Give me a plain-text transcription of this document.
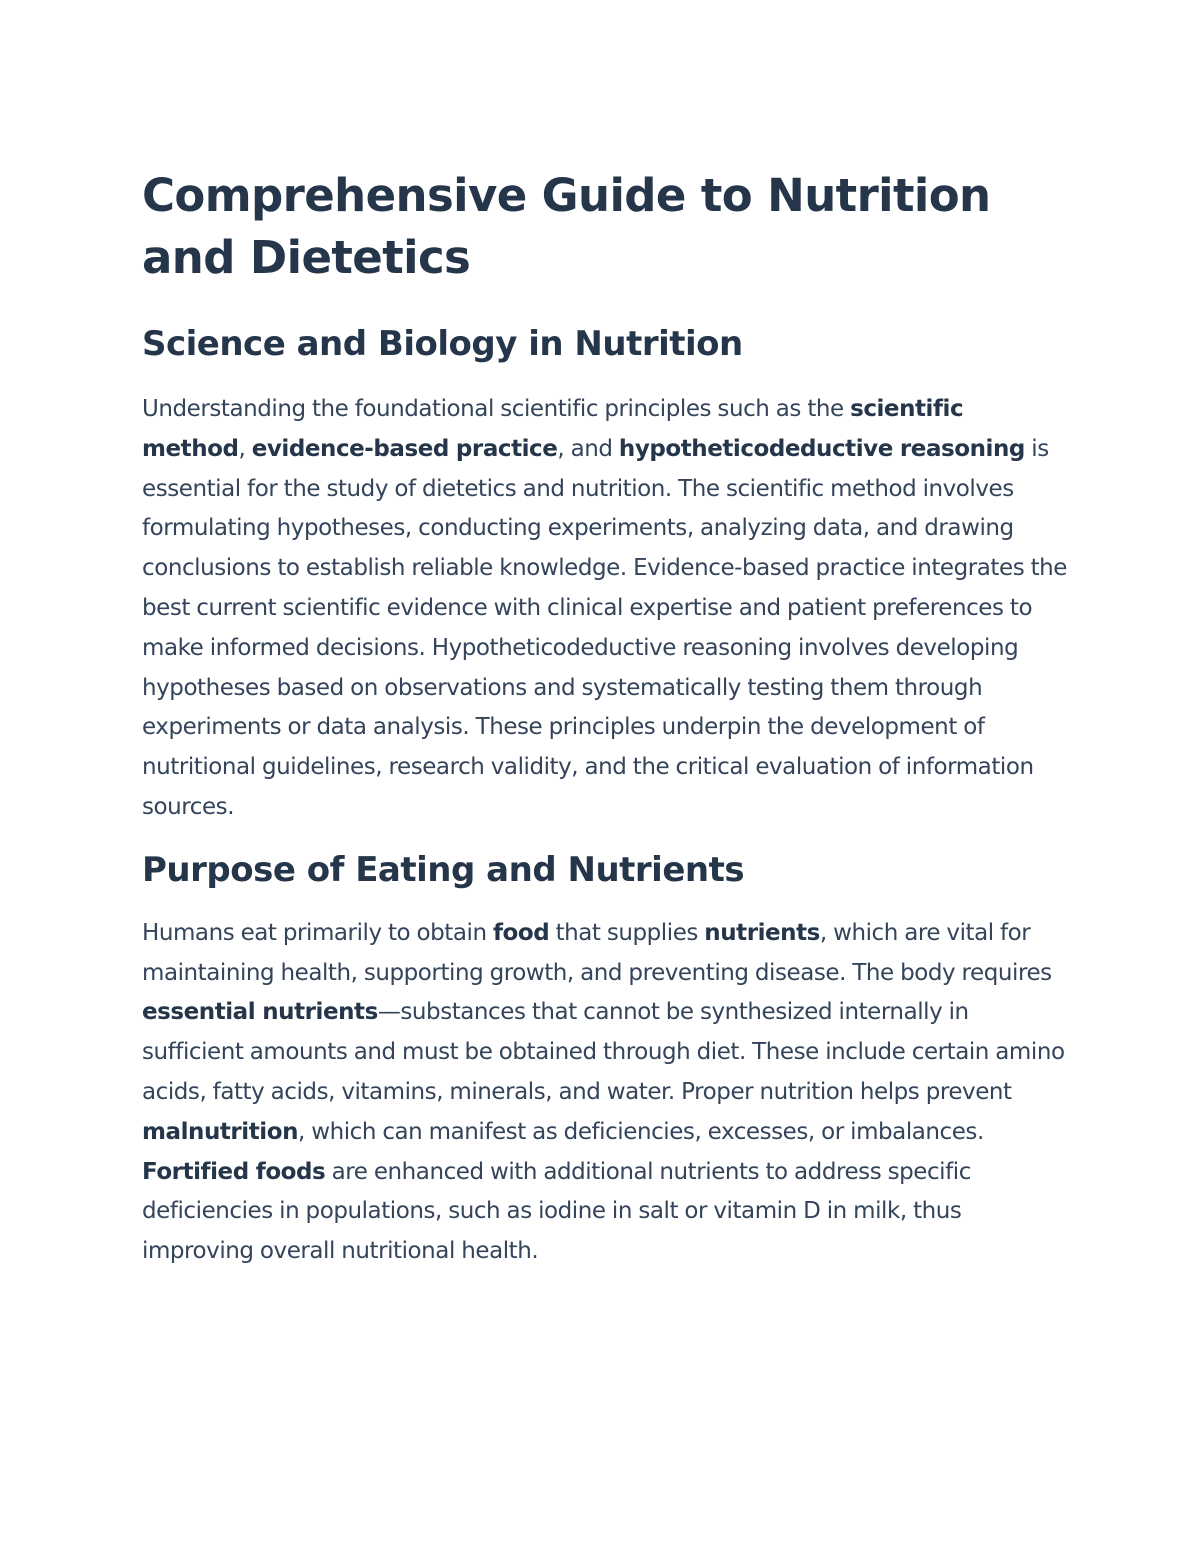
Comprehensive Guide to Nutrition and Dietetics
Science and Biology in Nutrition

Understanding the foundational scientific principles such as the scientific method, evidence-based practice, and hypotheticodeductive reasoning is essential for the study of dietetics and nutrition. The scientific method involves formulating hypotheses, conducting experiments, analyzing data, and drawing conclusions to establish reliable knowledge. Evidence-based practice integrates the best current scientific evidence with clinical expertise and patient preferences to make informed decisions. Hypotheticodeductive reasoning involves developing hypotheses based on observations and systematically testing them through experiments or data analysis. These principles underpin the development of nutritional guidelines, research validity, and the critical evaluation of information sources.

Purpose of Eating and Nutrients

Humans eat primarily to obtain food that supplies nutrients, which are vital for maintaining health, supporting growth, and preventing disease. The body requires essential nutrients—substances that cannot be synthesized internally in sufficient amounts and must be obtained through diet. These include certain amino acids, fatty acids, vitamins, minerals, and water. Proper nutrition helps prevent malnutrition, which can manifest as deficiencies, excesses, or imbalances. Fortified foods are enhanced with additional nutrients to address specific deficiencies in populations, such as iodine in salt or vitamin D in milk, thus improving overall nutritional health.
